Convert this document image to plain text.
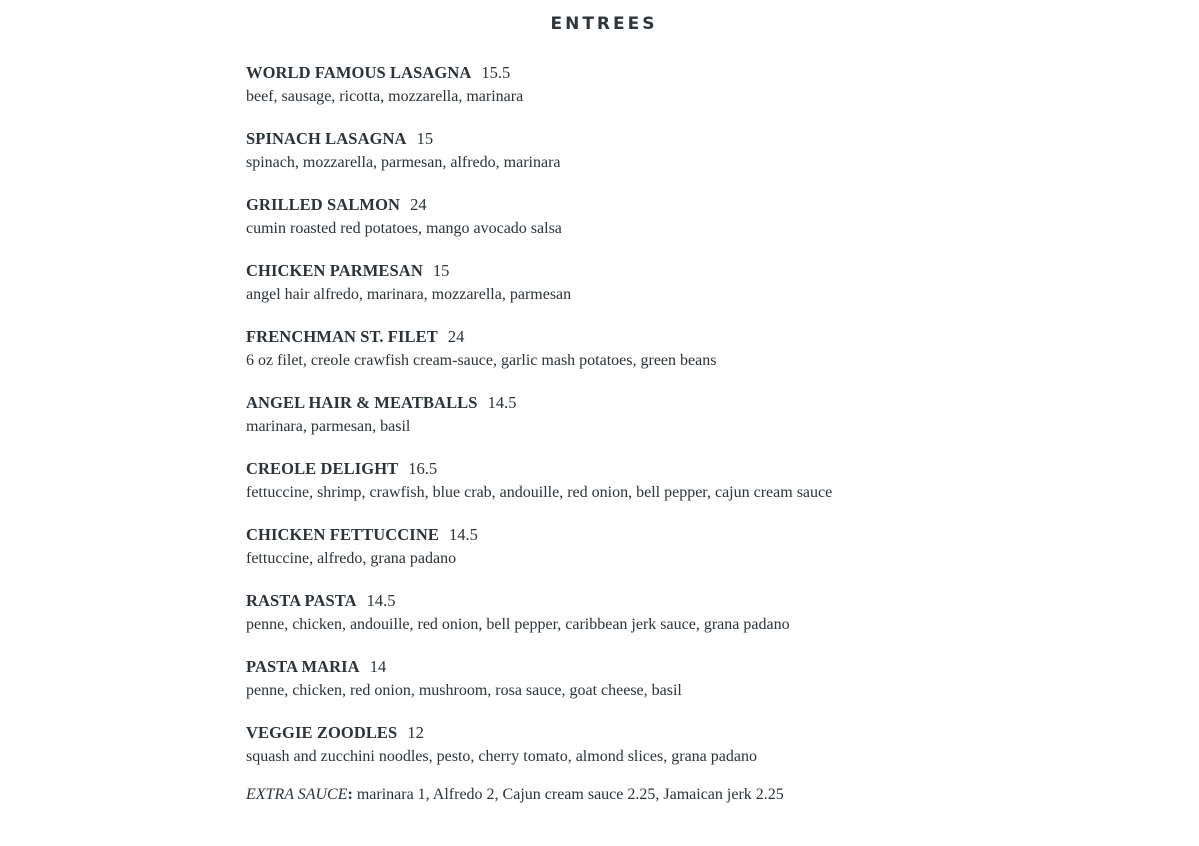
ENTREES
WORLD FAMOUS LASAGNA 15.5
beef, sausage, ricotta, mozzarella, marinara
SPINACH LASAGNA 15
spinach, mozzarella, parmesan, alfredo, marinara
GRILLED SALMON 24
cumin roasted red potatoes, mango avocado salsa
CHICKEN PARMESAN 15
angel hair alfredo, marinara, mozzarella, parmesan
FRENCHMAN ST. FILET 24
6 oz filet, creole crawfish cream-sauce, garlic mash potatoes, green beans
ANGEL HAIR & MEATBALLS 14.5
marinara, parmesan, basil
CREOLE DELIGHT 16.5
fettuccine, shrimp, crawfish, blue crab, andouille, red onion, bell pepper, cajun cream sauce
CHICKEN FETTUCCINE 14.5
fettuccine, alfredo, grana padano
RASTA PASTA 14.5
penne, chicken, andouille, red onion, bell pepper, caribbean jerk sauce, grana padano
PASTA MARIA 14
penne, chicken, red onion, mushroom, rosa sauce, goat cheese, basil
VEGGIE ZOODLES 12
squash and zucchini noodles, pesto, cherry tomato, almond slices, grana padano
EXTRA SAUCE: marinara 1, Alfredo 2, Cajun cream sauce 2.25, Jamaican jerk 2.25
